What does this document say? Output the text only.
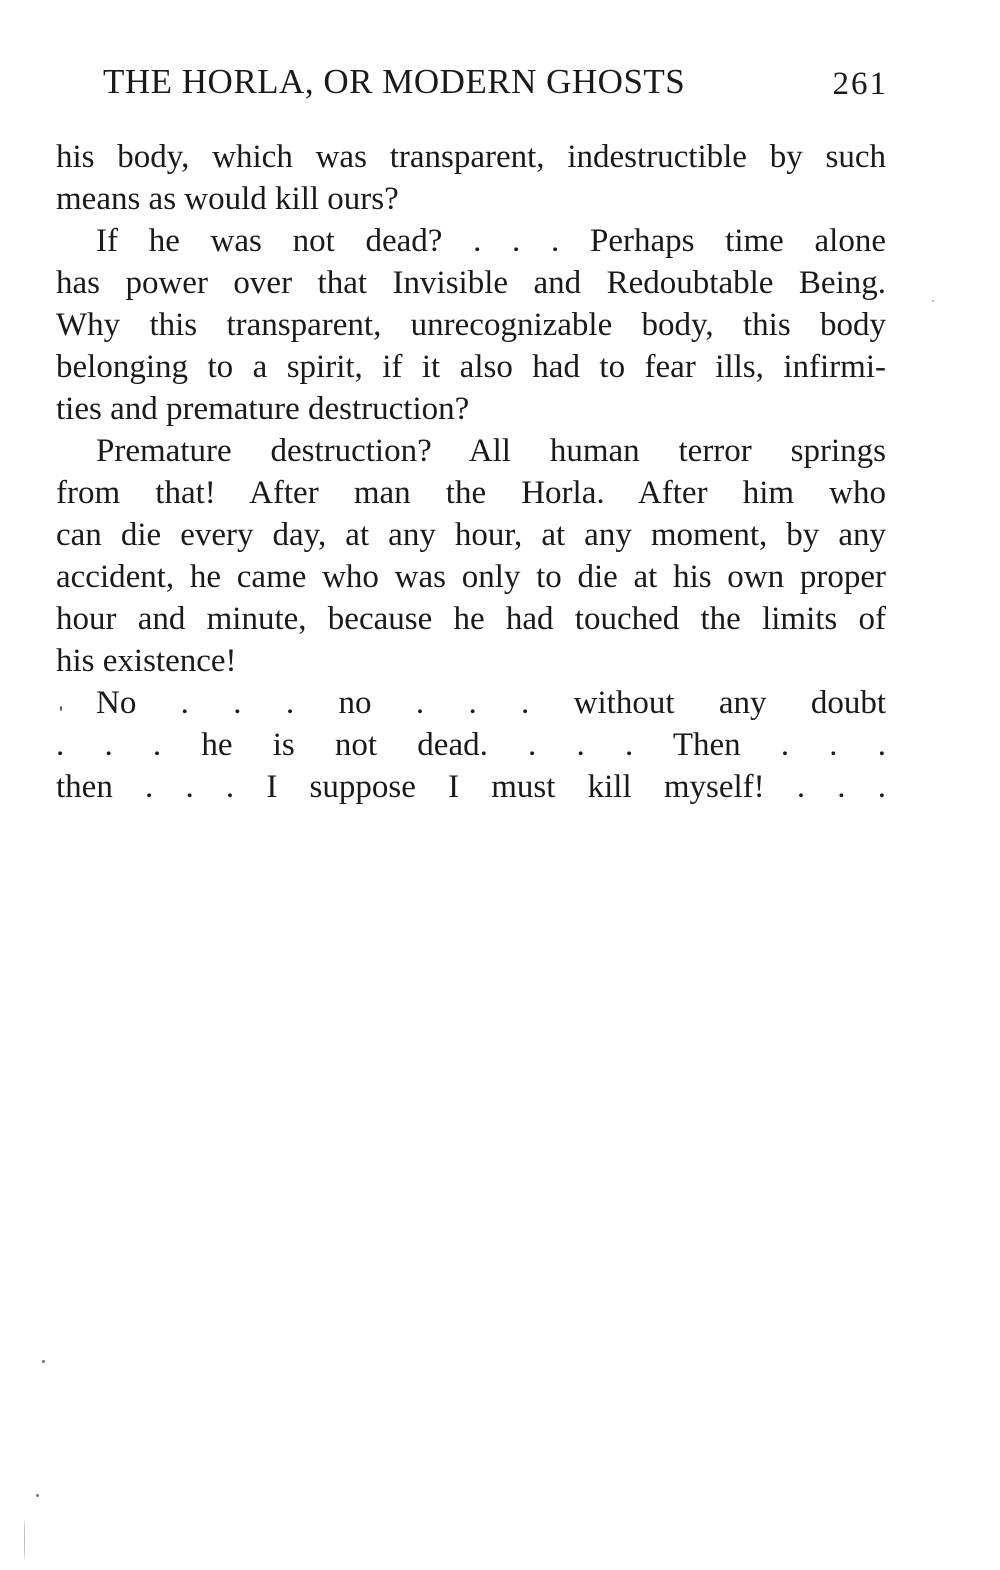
THE HORLA, OR MODERN GHOSTS	261
his body, which was transparent, indestructible by such
means as would kill ours?
If he was not dead? . . . Perhaps time alone
has power over that Invisible and Redoubtable Being.
Why this transparent, unrecognizable body, this body
belonging to a spirit, if it also had to fear ills, infirmi-
ties and premature destruction?
Premature destruction? All human terror springs
from that! After man the Horla. After him who
can die every day, at any hour, at any moment, by any
accident, he came who was only to die at his own proper
hour and minute, because he had touched the limits of
his existence!
No . . . no . . . without any doubt
. . . he is not dead. . . . Then . . .
then . . . I suppose I must kill myself! . . .
